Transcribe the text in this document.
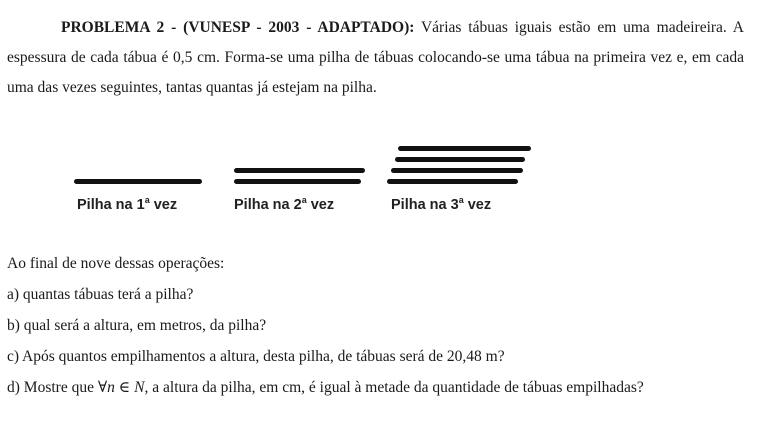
PROBLEMA 2 - (VUNESP - 2003 - ADAPTADO): Várias tábuas iguais estão em uma madeireira. A espessura de cada tábua é 0,5 cm. Forma-se uma pilha de tábuas colocando-se uma tábua na primeira vez e, em cada uma das vezes seguintes, tantas quantas já estejam na pilha.
Pilha na 1$^a$ vez	Pilha na 2$^a$ vez	Pilha na 3$^a$ vez
Ao final de nove dessas operações:
a) quantas tábuas terá a pilha?
b) qual será a altura, em metros, da pilha?
c) Após quantos empilhamentos a altura, desta pilha, de tábuas será de 20,48 m?
d) Mostre que ∀n ∈ N, a altura da pilha, em cm, é igual à metade da quantidade de tábuas empilhadas?
